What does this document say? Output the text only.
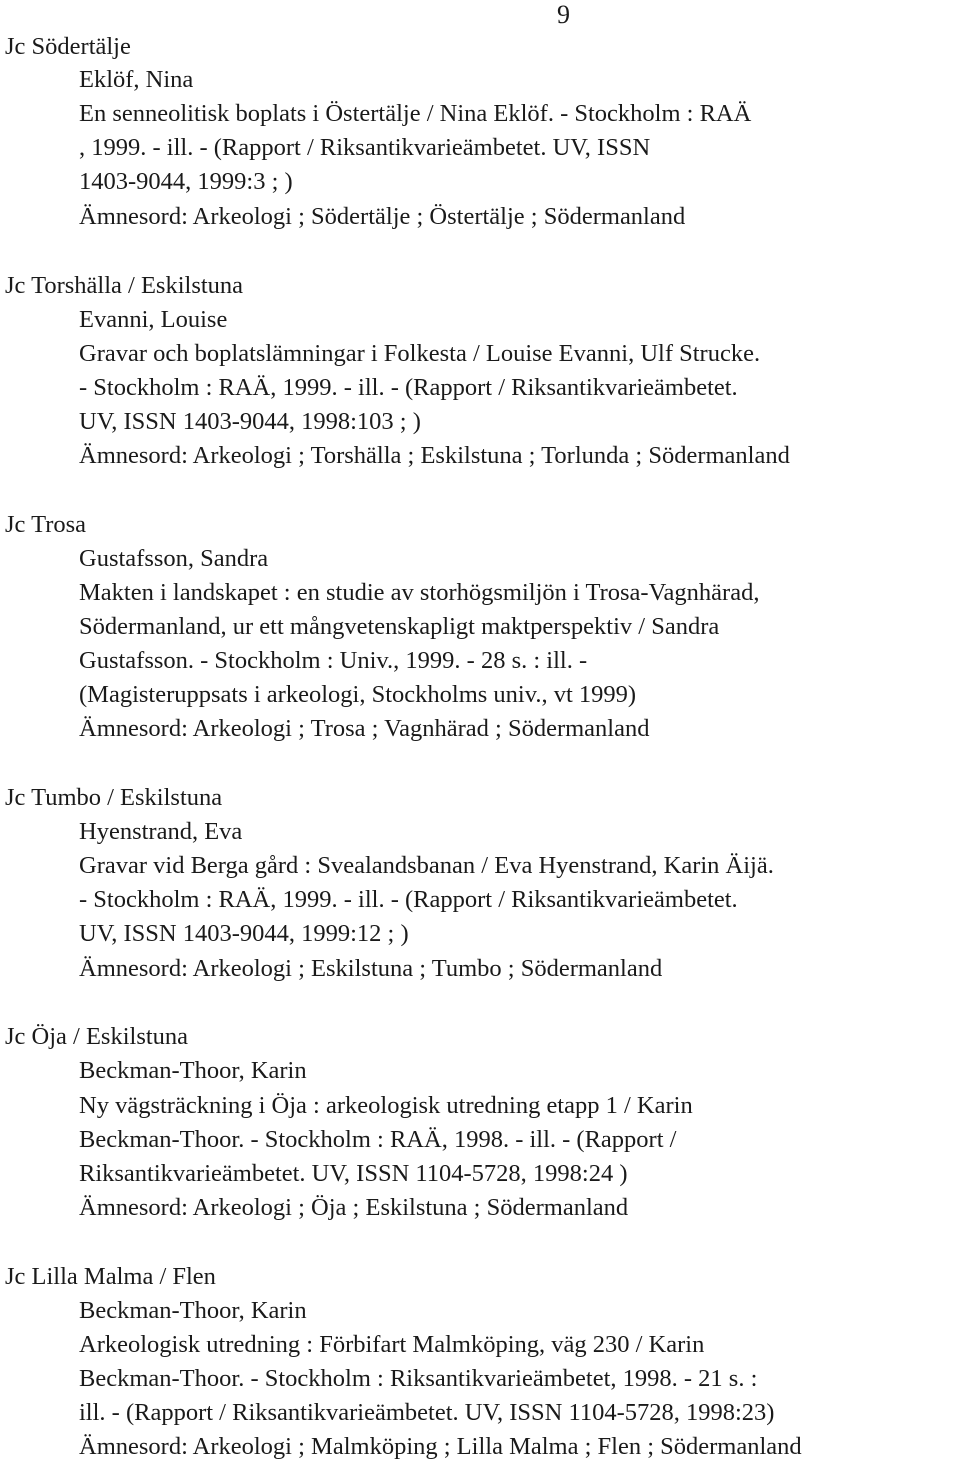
9
Jc Södertälje
Eklöf, Nina
En senneolitisk boplats i Östertälje / Nina Eklöf. - Stockholm : RAÄ
, 1999. - ill. - (Rapport / Riksantikvarieämbetet. UV, ISSN
1403-9044, 1999:3 ; )
Ämnesord: Arkeologi ; Södertälje ; Östertälje ; Södermanland
Jc Torshälla / Eskilstuna
Evanni, Louise
Gravar och boplatslämningar i Folkesta / Louise Evanni, Ulf Strucke.
- Stockholm : RAÄ, 1999. - ill. - (Rapport / Riksantikvarieämbetet.
UV, ISSN 1403-9044, 1998:103 ; )
Ämnesord: Arkeologi ; Torshälla ; Eskilstuna ; Torlunda ; Södermanland
Jc Trosa
Gustafsson, Sandra
Makten i landskapet : en studie av storhögsmiljön i Trosa-Vagnhärad,
Södermanland, ur ett mångvetenskapligt maktperspektiv / Sandra
Gustafsson. - Stockholm : Univ., 1999. - 28 s. : ill. -
(Magisteruppsats i arkeologi, Stockholms univ., vt 1999)
Ämnesord: Arkeologi ; Trosa ; Vagnhärad ; Södermanland
Jc Tumbo / Eskilstuna
Hyenstrand, Eva
Gravar vid Berga gård : Svealandsbanan / Eva Hyenstrand, Karin Äijä.
- Stockholm : RAÄ, 1999. - ill. - (Rapport / Riksantikvarieämbetet.
UV, ISSN 1403-9044, 1999:12 ; )
Ämnesord: Arkeologi ; Eskilstuna ; Tumbo ; Södermanland
Jc Öja / Eskilstuna
Beckman-Thoor, Karin
Ny vägsträckning i Öja : arkeologisk utredning etapp 1 / Karin
Beckman-Thoor. - Stockholm : RAÄ, 1998. - ill. - (Rapport /
Riksantikvarieämbetet. UV, ISSN 1104-5728, 1998:24 )
Ämnesord: Arkeologi ; Öja ; Eskilstuna ; Södermanland
Jc Lilla Malma / Flen
Beckman-Thoor, Karin
Arkeologisk utredning : Förbifart Malmköping, väg 230 / Karin
Beckman-Thoor. - Stockholm : Riksantikvarieämbetet, 1998. - 21 s. :
ill. - (Rapport / Riksantikvarieämbetet. UV, ISSN 1104-5728, 1998:23)
Ämnesord: Arkeologi ; Malmköping ; Lilla Malma ; Flen ; Södermanland
